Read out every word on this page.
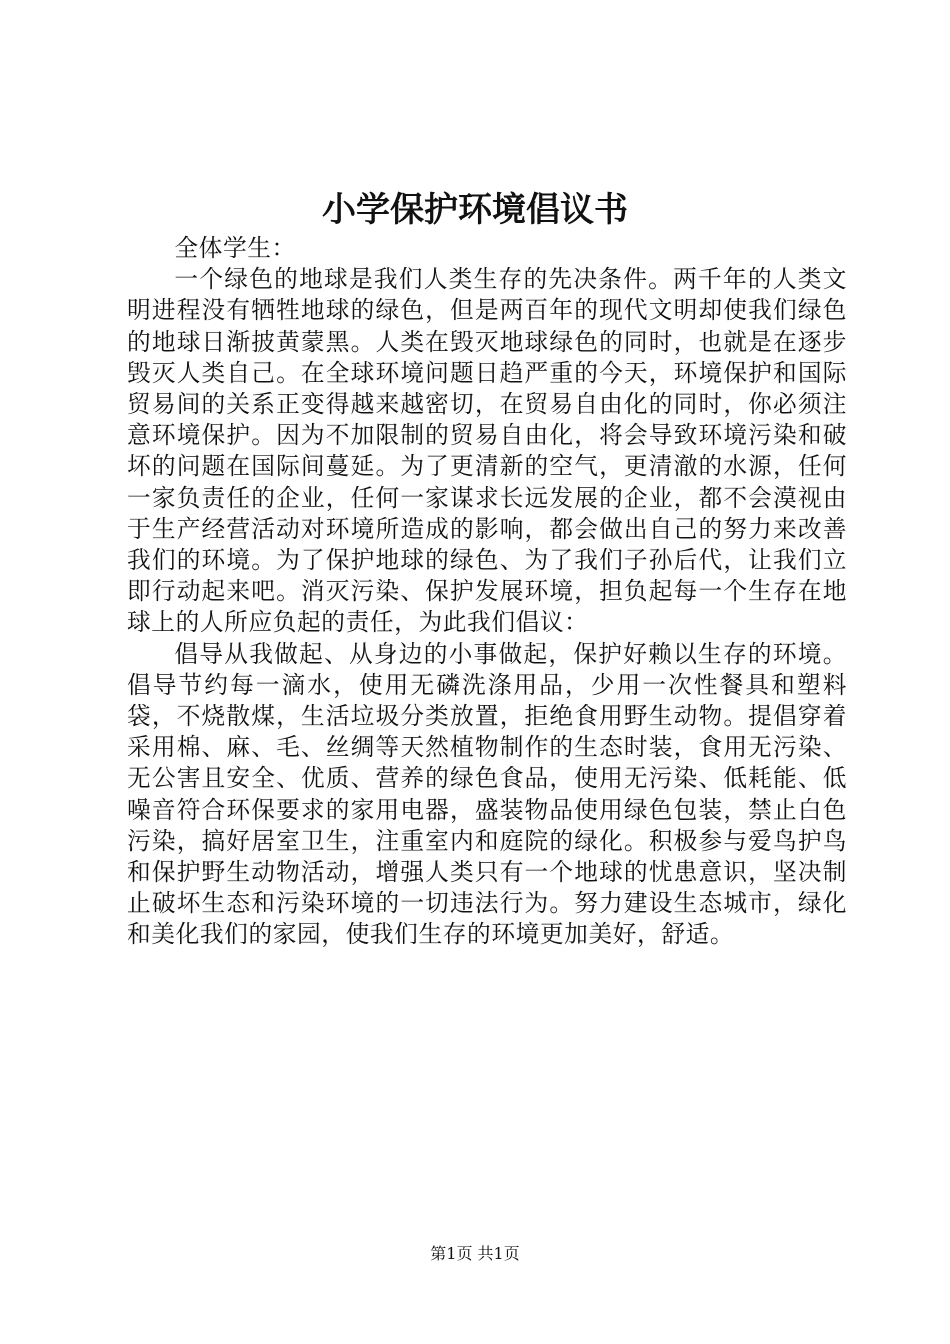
小学保护环境倡议书

全体学生：

一个绿色的地球是我们人类生存的先决条件。两千年的人类文明进程没有牺牲地球的绿色，但是两百年的现代文明却使我们绿色的地球日渐披黄蒙黑。人类在毁灭地球绿色的同时，也就是在逐步毁灭人类自己。在全球环境问题日趋严重的今天，环境保护和国际贸易间的关系正变得越来越密切，在贸易自由化的同时，你必须注意环境保护。因为不加限制的贸易自由化，将会导致环境污染和破坏的问题在国际间蔓延。为了更清新的空气，更清澈的水源，任何一家负责任的企业，任何一家谋求长远发展的企业，都不会漠视由于生产经营活动对环境所造成的影响，都会做出自己的努力来改善我们的环境。为了保护地球的绿色、为了我们子孙后代，让我们立即行动起来吧。消灭污染、保护发展环境，担负起每一个生存在地球上的人所应负起的责任，为此我们倡议：

倡导从我做起、从身边的小事做起，保护好赖以生存的环境。倡导节约每一滴水，使用无磷洗涤用品，少用一次性餐具和塑料袋，不烧散煤，生活垃圾分类放置，拒绝食用野生动物。提倡穿着采用棉、麻、毛、丝绸等天然植物制作的生态时装，食用无污染、无公害且安全、优质、营养的绿色食品，使用无污染、低耗能、低噪音符合环保要求的家用电器，盛装物品使用绿色包装，禁止白色污染，搞好居室卫生，注重室内和庭院的绿化。积极参与爱鸟护鸟和保护野生动物活动，增强人类只有一个地球的忧患意识，坚决制止破坏生态和污染环境的一切违法行为。努力建设生态城市，绿化和美化我们的家园，使我们生存的环境更加美好，舒适。

第1页 共1页
